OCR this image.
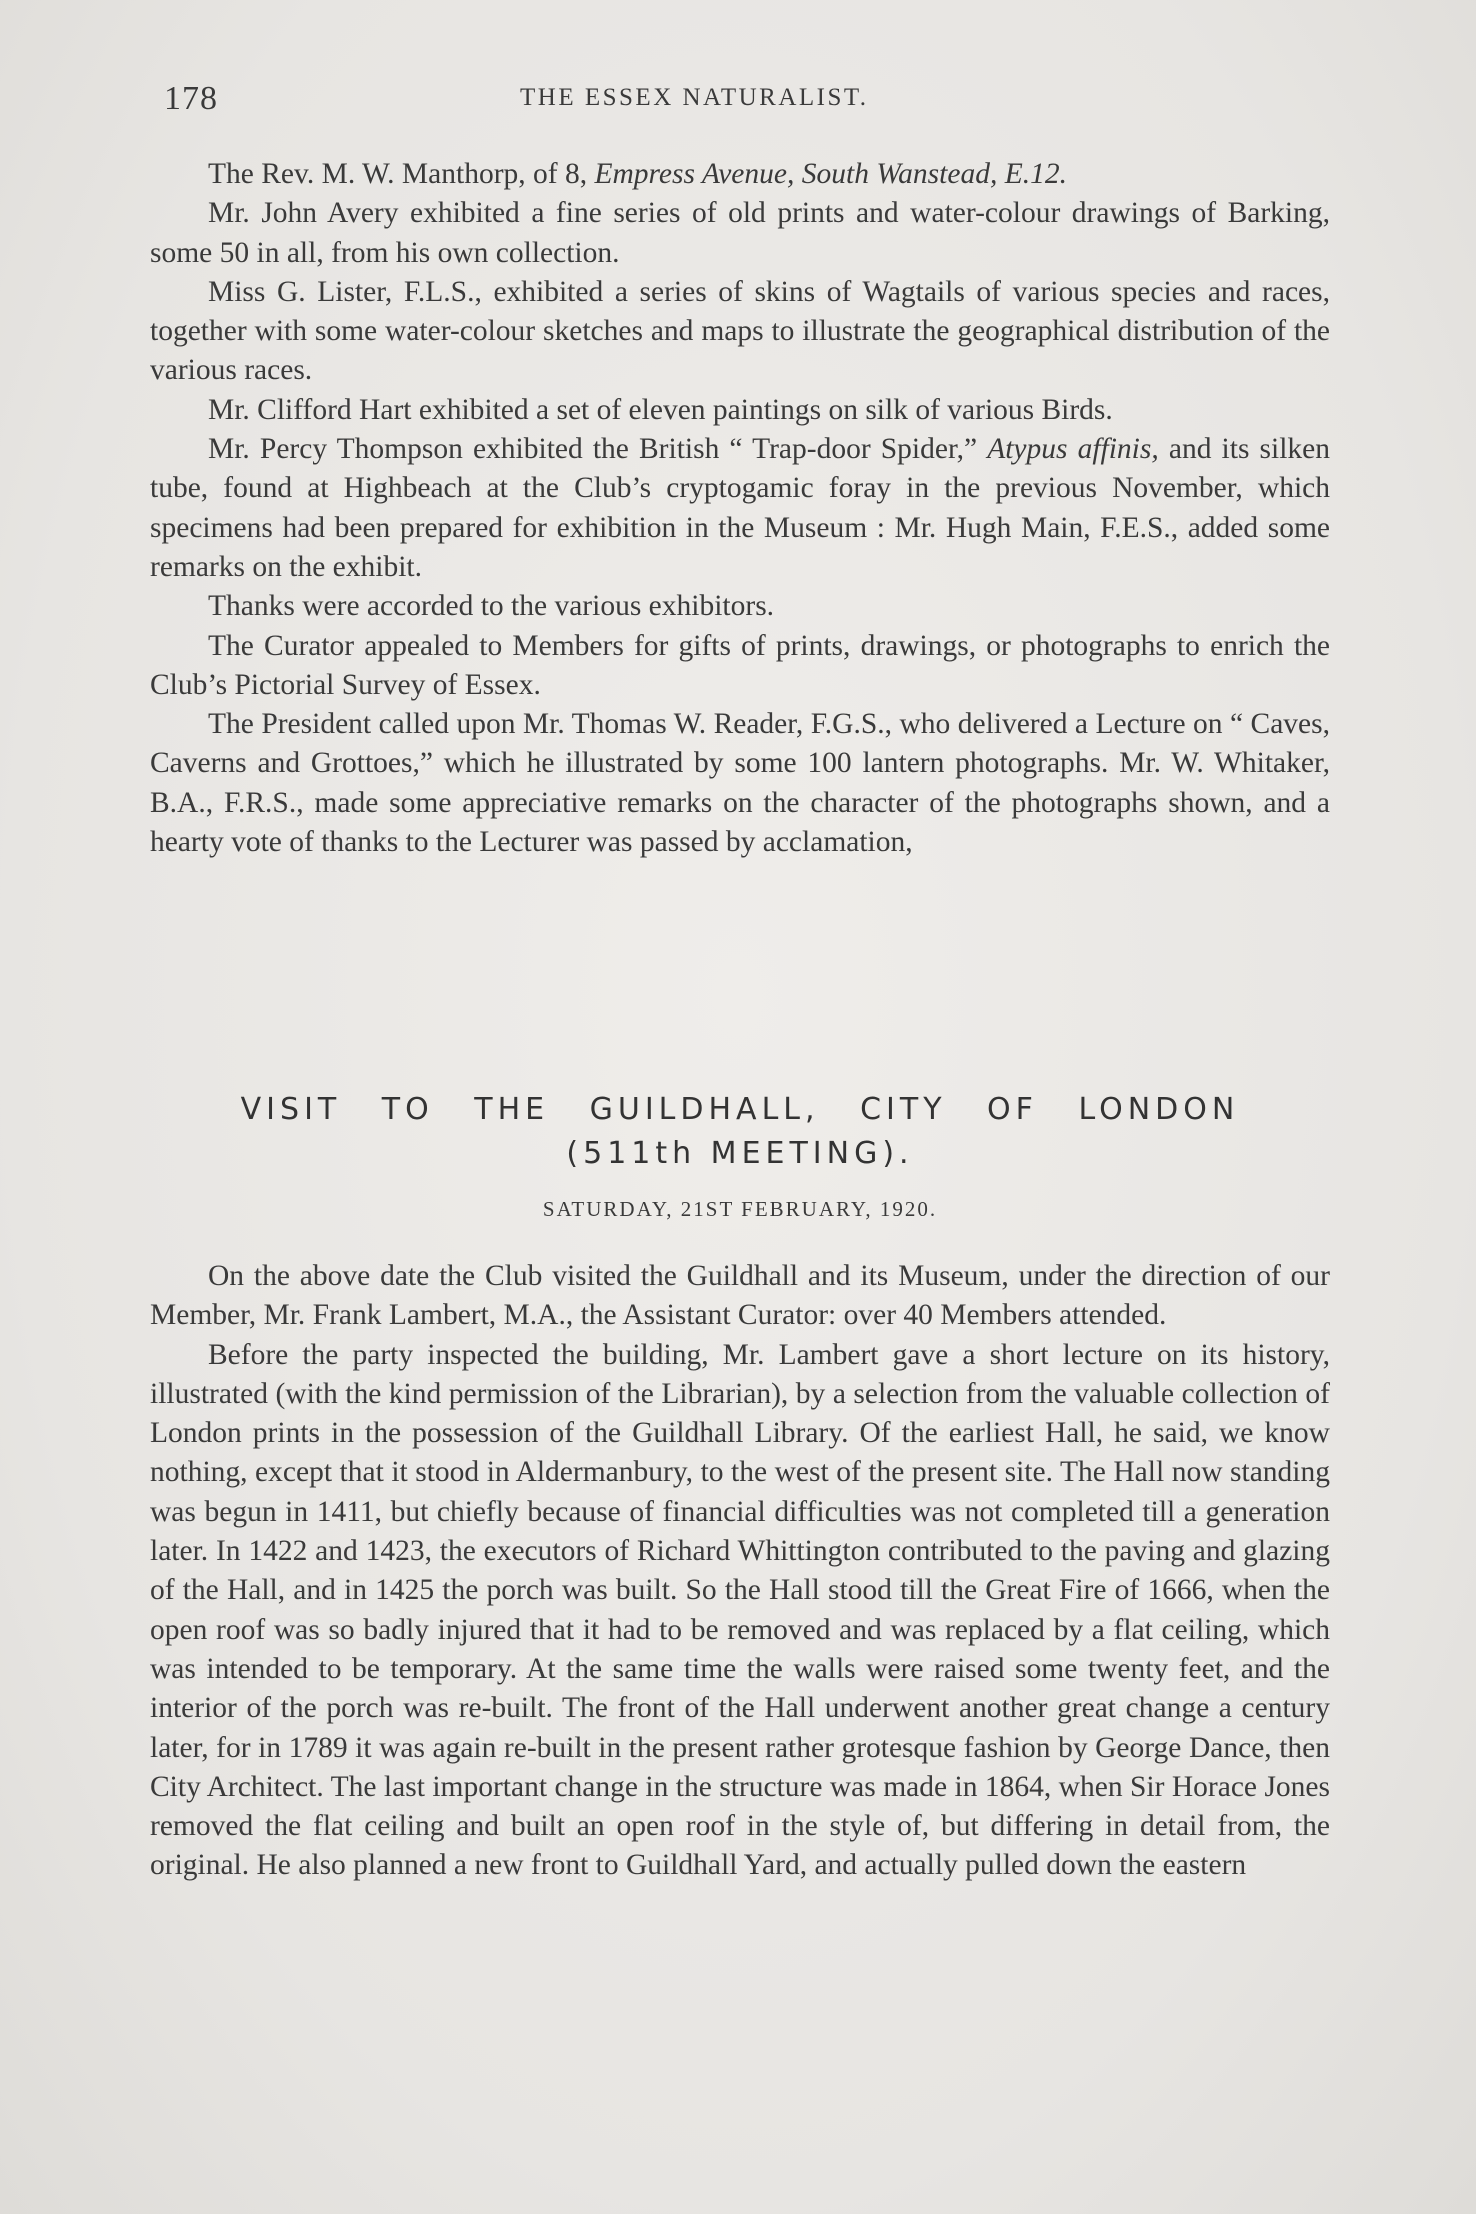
178	THE ESSEX NATURALIST.

The Rev. M. W. Manthorp, of 8, Empress Avenue, South Wanstead, E.12.

Mr. John Avery exhibited a fine series of old prints and water-colour drawings of Barking, some 50 in all, from his own collection.

Miss G. Lister, F.L.S., exhibited a series of skins of Wagtails of various species and races, together with some water-colour sketches and maps to illustrate the geographical distribution of the various races.

Mr. Clifford Hart exhibited a set of eleven paintings on silk of various Birds.

Mr. Percy Thompson exhibited the British “ Trap-door Spider,” Atypus affinis, and its silken tube, found at Highbeach at the Club’s cryptogamic foray in the previous November, which specimens had been prepared for exhibition in the Museum : Mr. Hugh Main, F.E.S., added some remarks on the exhibit.

Thanks were accorded to the various exhibitors.

The Curator appealed to Members for gifts of prints, drawings, or photographs to enrich the Club’s Pictorial Survey of Essex.

The President called upon Mr. Thomas W. Reader, F.G.S., who delivered a Lecture on “ Caves, Caverns and Grottoes,” which he illustrated by some 100 lantern photographs. Mr. W. Whitaker, B.A., F.R.S., made some appreciative remarks on the character of the photographs shown, and a hearty vote of thanks to the Lecturer was passed by acclamation,

VISIT TO THE GUILDHALL, CITY OF LONDON
(511th MEETING).
SATURDAY, 21ST FEBRUARY, 1920.

On the above date the Club visited the Guildhall and its Museum, under the direction of our Member, Mr. Frank Lambert, M.A., the Assistant Curator: over 40 Members attended.

Before the party inspected the building, Mr. Lambert gave a short lecture on its history, illustrated (with the kind permission of the Librarian), by a selection from the valuable collection of London prints in the possession of the Guildhall Library. Of the earliest Hall, he said, we know nothing, except that it stood in Aldermanbury, to the west of the present site. The Hall now standing was begun in 1411, but chiefly because of financial difficulties was not completed till a generation later. In 1422 and 1423, the executors of Richard Whittington contributed to the paving and glazing of the Hall, and in 1425 the porch was built. So the Hall stood till the Great Fire of 1666, when the open roof was so badly injured that it had to be removed and was replaced by a flat ceiling, which was intended to be temporary. At the same time the walls were raised some twenty feet, and the interior of the porch was re-built. The front of the Hall underwent another great change a century later, for in 1789 it was again re-built in the present rather grotesque fashion by George Dance, then City Architect. The last important change in the structure was made in 1864, when Sir Horace Jones removed the flat ceiling and built an open roof in the style of, but differing in detail from, the original. He also planned a new front to Guildhall Yard, and actually pulled down the eastern
